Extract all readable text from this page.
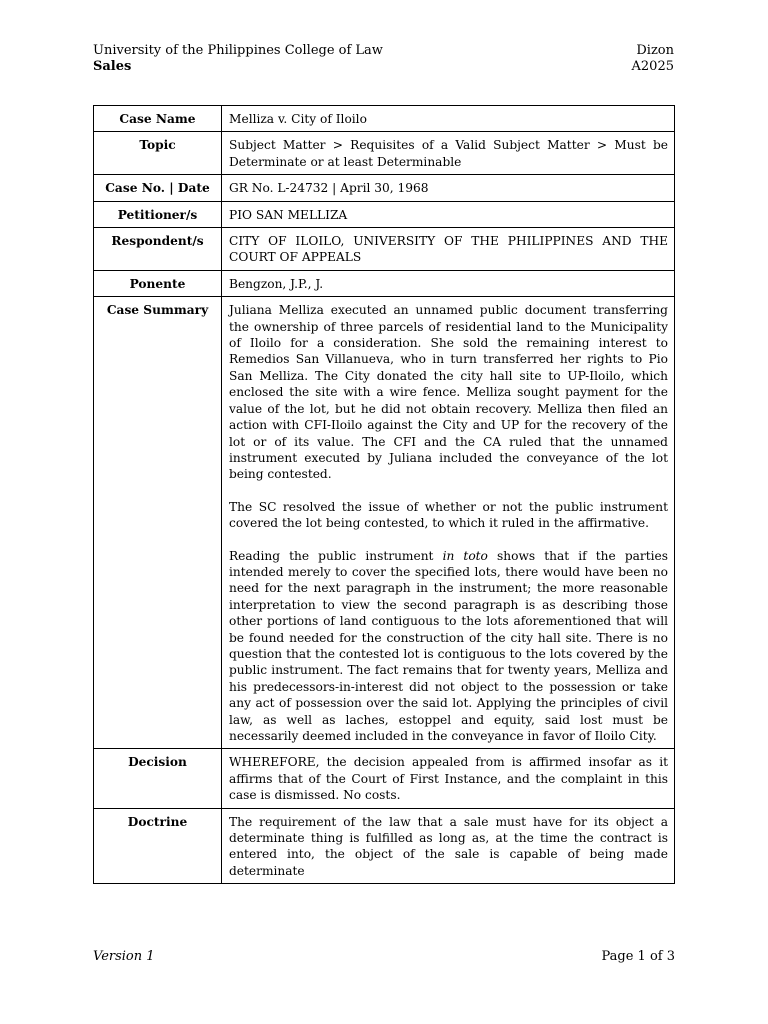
University of the Philippines College of Law	Dizon
Sales	A2025
Case Name	Melliza v. City of Iloilo
Topic	Subject Matter > Requisites of a Valid Subject Matter > Must be Determinate or at least Determinable
Case No. | Date	GR No. L-24732 | April 30, 1968
Petitioner/s	PIO SAN MELLIZA
Respondent/s	CITY OF ILOILO, UNIVERSITY OF THE PHILIPPINES AND THE COURT OF APPEALS
Ponente	Bengzon, J.P., J.
Case Summary	Juliana Melliza executed an unnamed public document transferring the ownership of three parcels of residential land to the Municipality of Iloilo for a consideration. She sold the remaining interest to Remedios San Villanueva, who in turn transferred her rights to Pio San Melliza. The City donated the city hall site to UP-Iloilo, which enclosed the site with a wire fence. Melliza sought payment for the value of the lot, but he did not obtain recovery. Melliza then filed an action with CFI-Iloilo against the City and UP for the recovery of the lot or of its value. The CFI and the CA ruled that the unnamed instrument executed by Juliana included the conveyance of the lot being contested.

The SC resolved the issue of whether or not the public instrument covered the lot being contested, to which it ruled in the affirmative.

Reading the public instrument in toto shows that if the parties intended merely to cover the specified lots, there would have been no need for the next paragraph in the instrument; the more reasonable interpretation to view the second paragraph is as describing those other portions of land contiguous to the lots aforementioned that will be found needed for the construction of the city hall site. There is no question that the contested lot is contiguous to the lots covered by the public instrument. The fact remains that for twenty years, Melliza and his predecessors-in-interest did not object to the possession or take any act of possession over the said lot. Applying the principles of civil law, as well as laches, estoppel and equity, said lost must be necessarily deemed included in the conveyance in favor of Iloilo City.

Decision	WHEREFORE, the decision appealed from is affirmed insofar as it affirms that of the Court of First Instance, and the complaint in this case is dismissed. No costs.
Doctrine	The requirement of the law that a sale must have for its object a determinate thing is fulfilled as long as, at the time the contract is entered into, the object of the sale is capable of being made determinate
Version 1	Page 1 of 3
